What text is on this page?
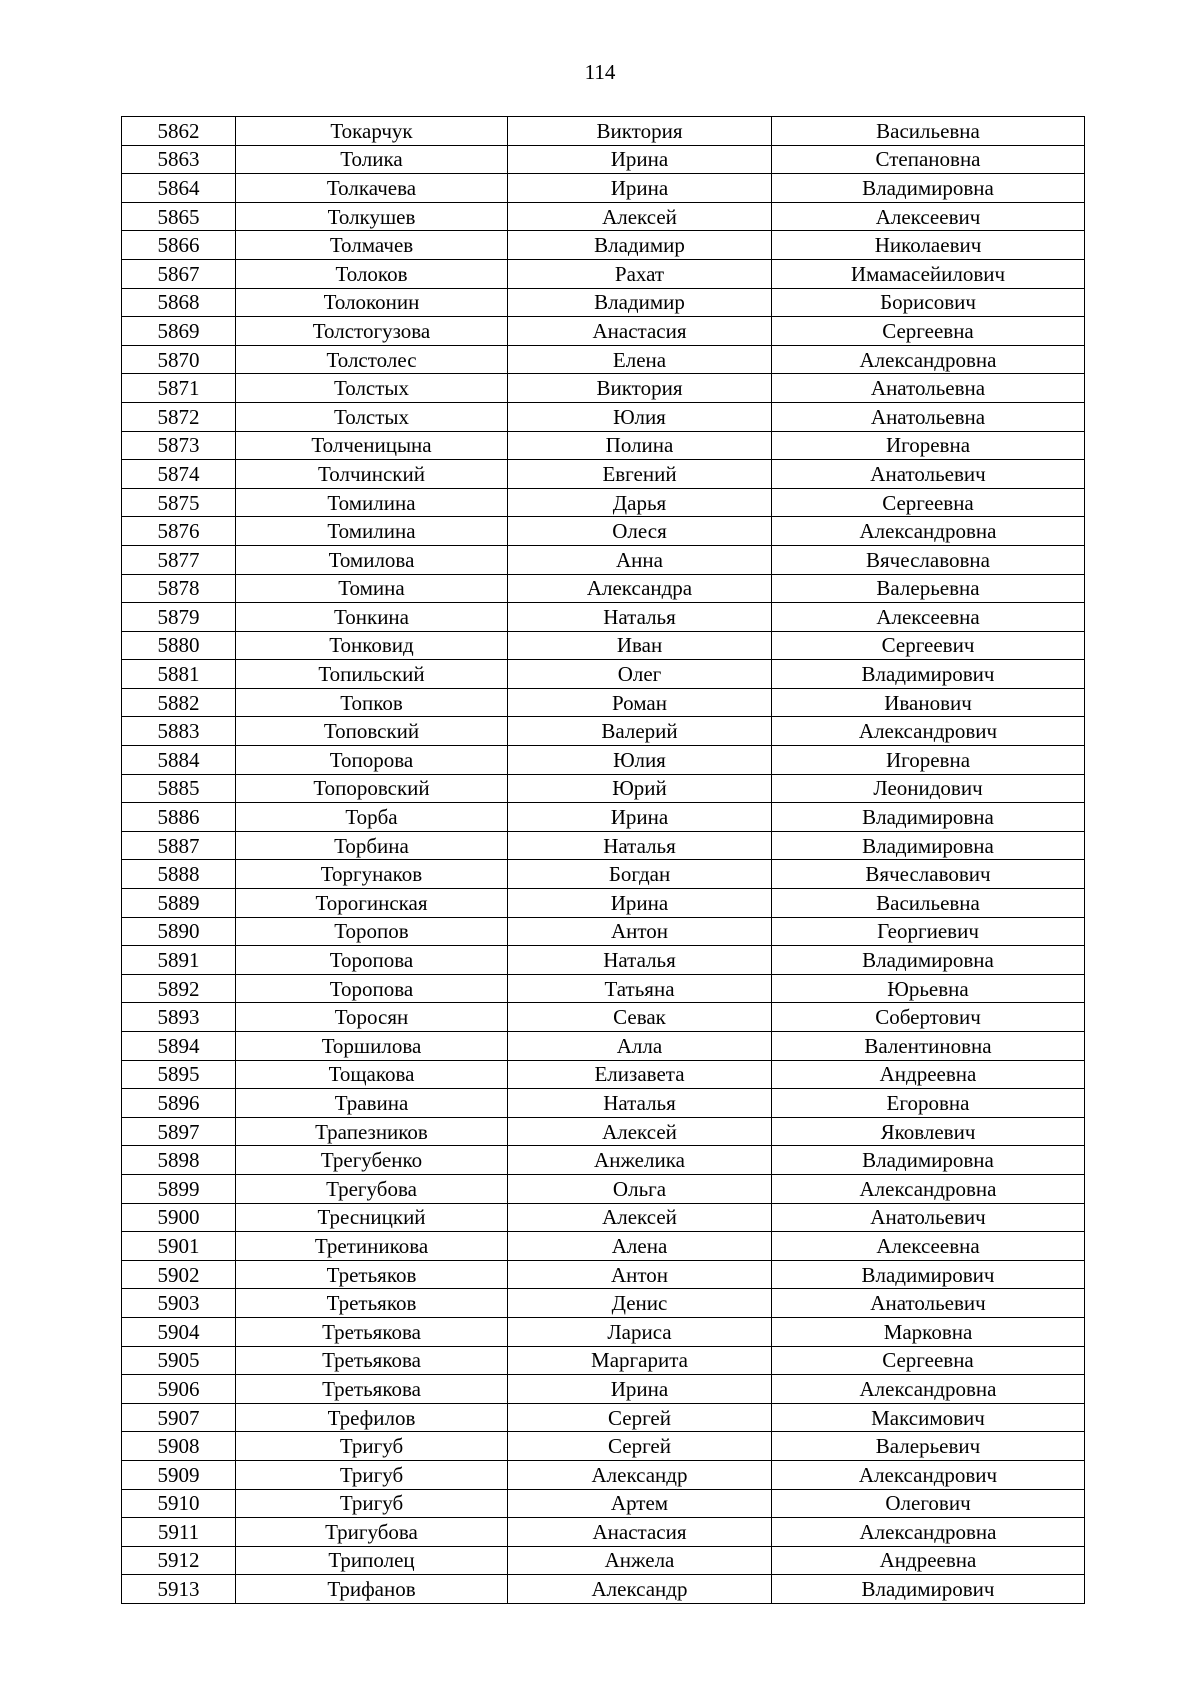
114
5862	Токарчук	Виктория	Васильевна
5863	Толика	Ирина	Степановна
5864	Толкачева	Ирина	Владимировна
5865	Толкушев	Алексей	Алексеевич
5866	Толмачев	Владимир	Николаевич
5867	Толоков	Рахат	Имамасейилович
5868	Толоконин	Владимир	Борисович
5869	Толстогузова	Анастасия	Сергеевна
5870	Толстолес	Елена	Александровна
5871	Толстых	Виктория	Анатольевна
5872	Толстых	Юлия	Анатольевна
5873	Толченицына	Полина	Игоревна
5874	Толчинский	Евгений	Анатольевич
5875	Томилина	Дарья	Сергеевна
5876	Томилина	Олеся	Александровна
5877	Томилова	Анна	Вячеславовна
5878	Томина	Александра	Валерьевна
5879	Тонкина	Наталья	Алексеевна
5880	Тонковид	Иван	Сергеевич
5881	Топильский	Олег	Владимирович
5882	Топков	Роман	Иванович
5883	Топовский	Валерий	Александрович
5884	Топорова	Юлия	Игоревна
5885	Топоровский	Юрий	Леонидович
5886	Торба	Ирина	Владимировна
5887	Торбина	Наталья	Владимировна
5888	Торгунаков	Богдан	Вячеславович
5889	Торогинская	Ирина	Васильевна
5890	Торопов	Антон	Георгиевич
5891	Торопова	Наталья	Владимировна
5892	Торопова	Татьяна	Юрьевна
5893	Торосян	Севак	Собертович
5894	Торшилова	Алла	Валентиновна
5895	Тощакова	Елизавета	Андреевна
5896	Травина	Наталья	Егоровна
5897	Трапезников	Алексей	Яковлевич
5898	Трегубенко	Анжелика	Владимировна
5899	Трегубова	Ольга	Александровна
5900	Тресницкий	Алексей	Анатольевич
5901	Третиникова	Алена	Алексеевна
5902	Третьяков	Антон	Владимирович
5903	Третьяков	Денис	Анатольевич
5904	Третьякова	Лариса	Марковна
5905	Третьякова	Маргарита	Сергеевна
5906	Третьякова	Ирина	Александровна
5907	Трефилов	Сергей	Максимович
5908	Тригуб	Сергей	Валерьевич
5909	Тригуб	Александр	Александрович
5910	Тригуб	Артем	Олегович
5911	Тригубова	Анастасия	Александровна
5912	Триполец	Анжела	Андреевна
5913	Трифанов	Александр	Владимирович
